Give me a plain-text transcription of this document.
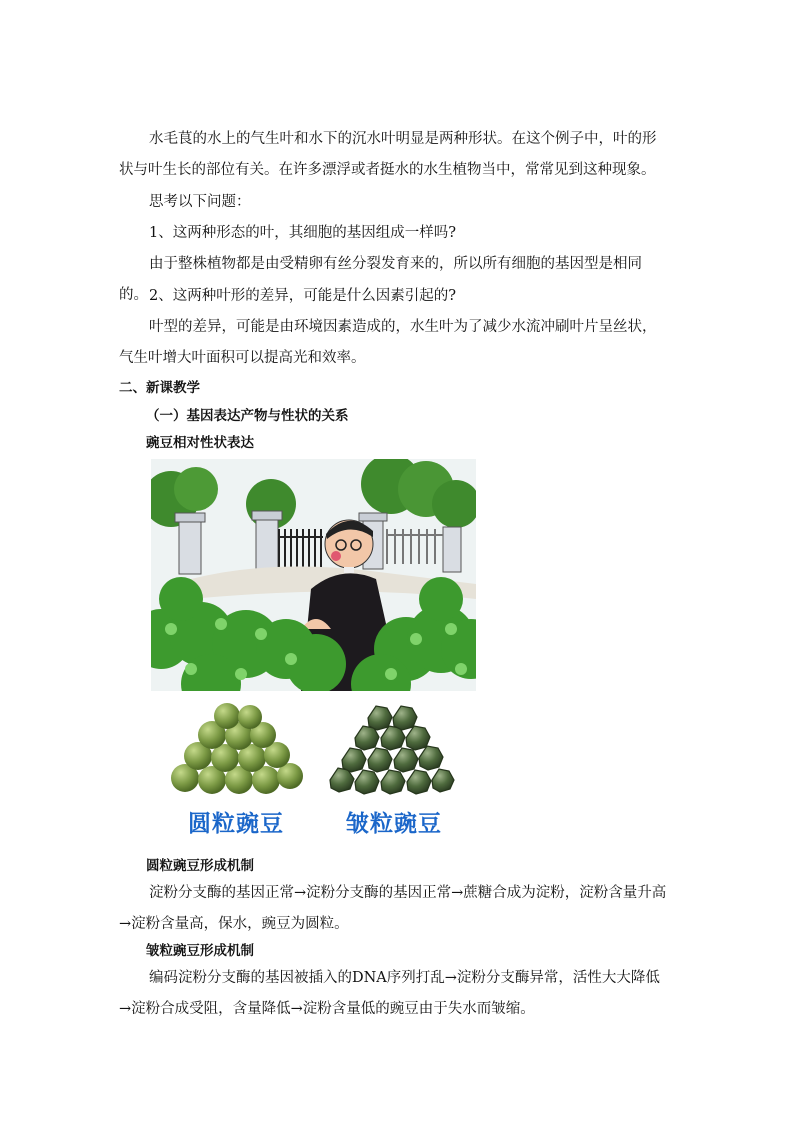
水毛茛的水上的气生叶和水下的沉水叶明显是两种形状。在这个例子中，叶的形状与叶生长的部位有关。在许多漂浮或者挺水的水生植物当中，常常见到这种现象。

思考以下问题：

1、这两种形态的叶，其细胞的基因组成一样吗?

由于整株植物都是由受精卵有丝分裂发育来的，所以所有细胞的基因型是相同的。 2、这两种叶形的差异，可能是什么因素引起的?

叶型的差异，可能是由环境因素造成的，水生叶为了减少水流冲刷叶片呈丝状，气生叶增大叶面积可以提高光和效率。

二、新课教学
（一）基因表达产物与性状的关系
豌豆相对性状表达
圆粒豌豆	皱粒豌豆
圆粒豌豆形成机制

淀粉分支酶的基因正常→淀粉分支酶的基因正常→蔗糖合成为淀粉，淀粉含量升高→淀粉含量高，保水，豌豆为圆粒。

皱粒豌豆形成机制

编码淀粉分支酶的基因被插入的DNA序列打乱→淀粉分支酶异常，活性大大降低→淀粉合成受阻，含量降低→淀粉含量低的豌豆由于失水而皱缩。
